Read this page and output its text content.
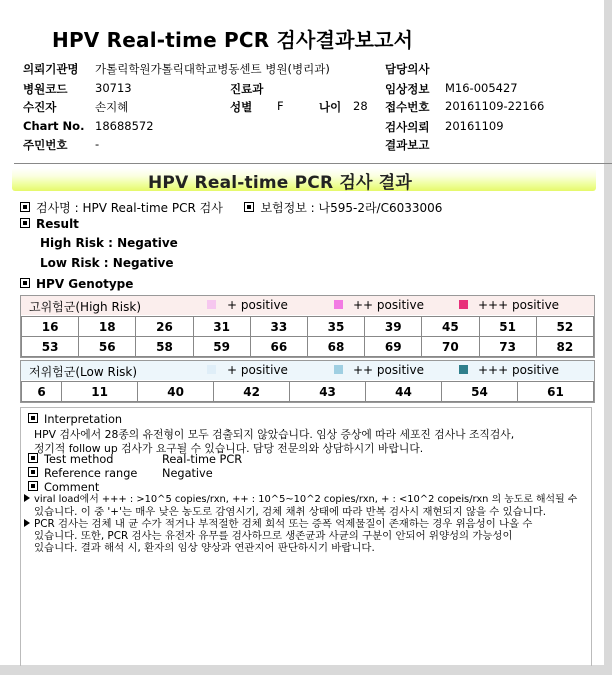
HPV Real-time PCR 검사결과보고서
의뢰기관명 가톨릭학원가톨릭대학교병동센트 병원(병리과)	담당의사
병원코드 30713	진료과	임상정보 M16-005427
수진자	손지혜	성별 F	나이 28 접수번호 20161109-22166
Chart No. 18688572	검사의뢰 20161109
주민번호 -	결과보고
HPV Real-time PCR 검사 결과
검사명 : HPV Real-time PCR 검사	보험정보 : 나595-2라/C6033006
Result
High Risk : Negative
Low Risk : Negative
HPV Genotype
고위험군(High Risk)	+ positive	++ positive	+++ positive
16	18	26	31	33	35	39	45	51	52
53	56	58	59	66	68	69	70	73	82
저위험군(Low Risk)	+ positive	++ positive	+++ positive
6	11	40	42	43	44	54	61
Interpretation
HPV 검사에서 28종의 유전형이 모두 검출되지 않았습니다. 임상 증상에 따라 세포진 검사나 조직검사,
정기적 follow up 검사가 요구될 수 있습니다. 담당 전문의와 상담하시기 바랍니다.
Test method	Real-time PCR
Reference range Negative
Comment
viral load에서 +++ : >10^5 copies/rxn, ++ : 10^5~10^2 copies/rxn, + : <10^2 copeis/rxn 의 농도로 해석될 수
있습니다. 이 중 '+'는 매우 낮은 농도로 감염시기, 검체 채취 상태에 따라 반복 검사시 재현되지 않을 수 있습니다.
PCR 검사는 검체 내 균 수가 적거나 부적절한 검체 희석 또는 증폭 억제물질이 존재하는 경우 위음성이 나올 수
있습니다. 또한, PCR 검사는 유전자 유무를 검사하므로 생존균과 사균의 구분이 안되어 위양성의 가능성이
있습니다. 결과 해석 시, 환자의 임상 양상과 연관지어 판단하시기 바랍니다.
